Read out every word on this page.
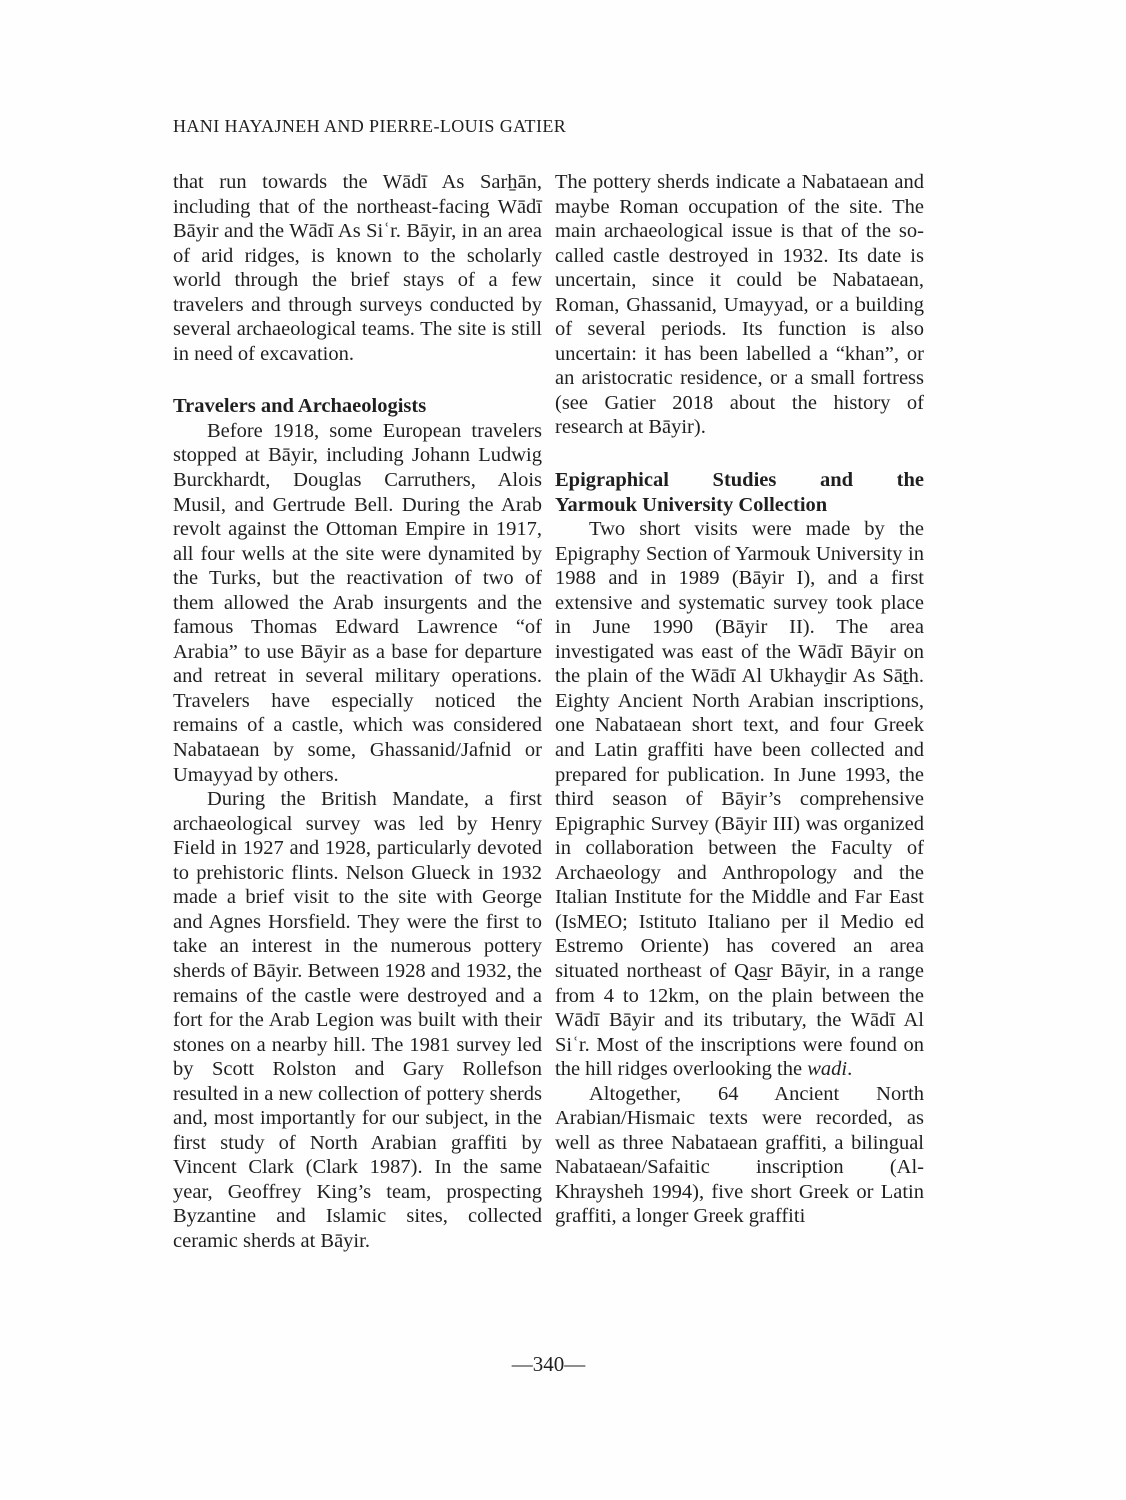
HANI HAYAJNEH AND PIERRE-LOUIS GATIER

that run towards the Wādī As Sarẖān, including that of the northeast-facing Wādī Bāyir and the Wādī As Siʿr. Bāyir, in an area of arid ridges, is known to the scholarly world through the brief stays of a few travelers and through surveys conducted by several archaeological teams. The site is still in need of excavation.

Travelers and Archaeologists

Before 1918, some European travelers stopped at Bāyir, including Johann Ludwig Burckhardt, Douglas Carruthers, Alois Musil, and Gertrude Bell. During the Arab revolt against the Ottoman Empire in 1917, all four wells at the site were dynamited by the Turks, but the reactivation of two of them allowed the Arab insurgents and the famous Thomas Edward Lawrence “of Arabia” to use Bāyir as a base for departure and retreat in several military operations. Travelers have especially noticed the remains of a castle, which was considered Nabataean by some, Ghassanid/Jafnid or Umayyad by others.

During the British Mandate, a first archaeological survey was led by Henry Field in 1927 and 1928, particularly devoted to prehistoric flints. Nelson Glueck in 1932 made a brief visit to the site with George and Agnes Horsfield. They were the first to take an interest in the numerous pottery sherds of Bāyir. Between 1928 and 1932, the remains of the castle were destroyed and a fort for the Arab Legion was built with their stones on a nearby hill. The 1981 survey led by Scott Rolston and Gary Rollefson resulted in a new collection of pottery sherds and, most importantly for our subject, in the first study of North Arabian graffiti by Vincent Clark (Clark 1987). In the same year, Geoffrey King’s team, prospecting Byzantine and Islamic sites, collected ceramic sherds at Bāyir.

The pottery sherds indicate a Nabataean and maybe Roman occupation of the site. The main archaeological issue is that of the so-called castle destroyed in 1932. Its date is uncertain, since it could be Nabataean, Roman, Ghassanid, Umayyad, or a building of several periods. Its function is also uncertain: it has been labelled a “khan”, or an aristocratic residence, or a small fortress (see Gatier 2018 about the history of research at Bāyir).

Epigraphical Studies and the
Yarmouk University Collection

Two short visits were made by the Epigraphy Section of Yarmouk University in 1988 and in 1989 (Bāyir I), and a first extensive and systematic survey took place in June 1990 (Bāyir II). The area investigated was east of the Wādī Bāyir on the plain of the Wādī Al Ukhayḏir As Sāṯh. Eighty Ancient North Arabian inscriptions, one Nabataean short text, and four Greek and Latin graffiti have been collected and prepared for publication. In June 1993, the third season of Bāyir’s comprehensive Epigraphic Survey (Bāyir III) was organized in collaboration between the Faculty of Archaeology and Anthropology and the Italian Institute for the Middle and Far East (IsMEO; Istituto Italiano per il Medio ed Estremo Oriente) has covered an area situated northeast of Qas̲r Bāyir, in a range from 4 to 12km, on the plain between the Wādī Bāyir and its tributary, the Wādī Al Siʿr. Most of the inscriptions were found on the hill ridges overlooking the wadi.

Altogether, 64 Ancient North Arabian/Hismaic texts were recorded, as well as three Nabataean graffiti, a bilingual Nabataean/Safaitic inscription (Al-Khraysheh 1994), five short Greek or Latin graffiti, a longer Greek graffiti

—340—
